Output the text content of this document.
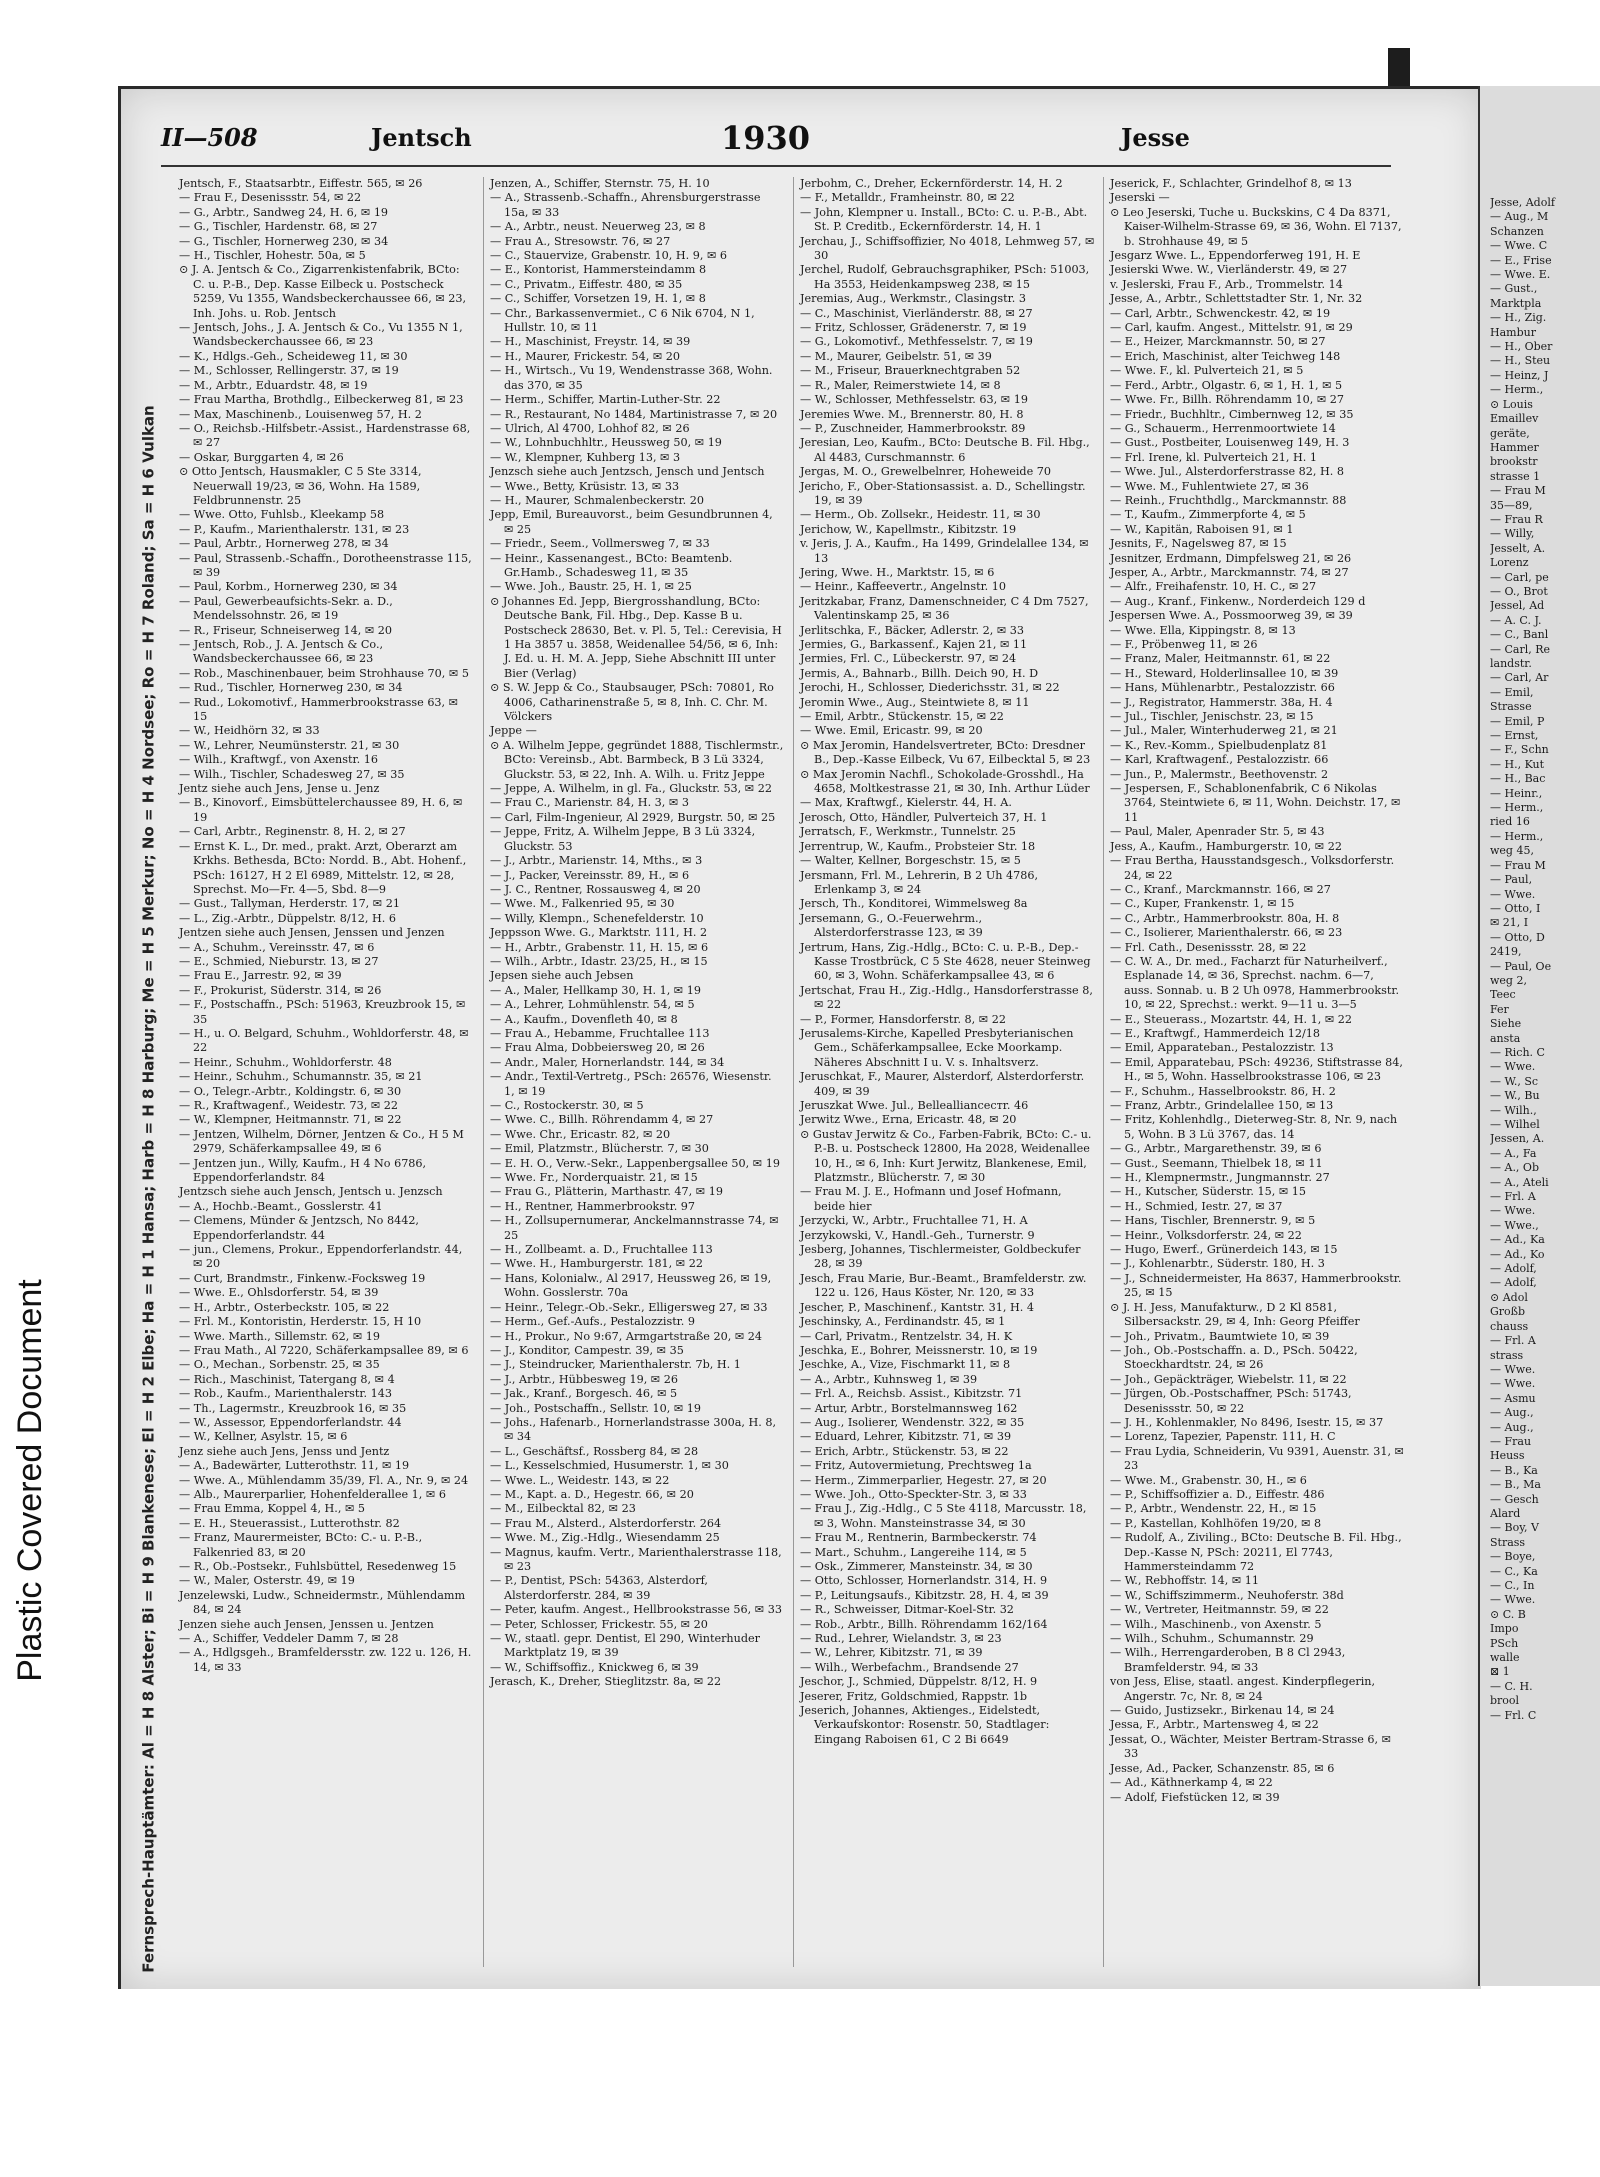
Plastic Covered Document
II—508	Jentsch	1930	Jesse
Fernsprech-Hauptämter: Al = H 8 Alster; Bi = H 9 Blankenese; El = H 2 Elbe; Ha = H 1 Hansa; Harb = H 8 Harburg; Me = H 5 Merkur; No = H 4 Nordsee; Ro = H 7 Roland; Sa = H 6 Vulkan
Jentsch, F., Staatsarbtr., Eiffestr. 565, ✉ 26
— Frau F., Desenissstr. 54, ✉ 22
— G., Arbtr., Sandweg 24, H. 6, ✉ 19
— G., Tischler, Hardenstr. 68, ✉ 27
— G., Tischler, Hornerweg 230, ✉ 34
— H., Tischler, Hohestr. 50a, ✉ 5
⊙ J. A. Jentsch & Co., Zigarrenkistenfabrik, BCto: C. u. P.-B., Dep. Kasse Eilbeck u. Postscheck 5259, Vu 1355, Wandsbeckerchaussee 66, ✉ 23, Inh. Johs. u. Rob. Jentsch
— Jentsch, Johs., J. A. Jentsch & Co., Vu 1355 N 1, Wandsbeckerchaussee 66, ✉ 23
— K., Hdlgs.-Geh., Scheideweg 11, ✉ 30
— M., Schlosser, Rellingerstr. 37, ✉ 19
— M., Arbtr., Eduardstr. 48, ✉ 19
— Frau Martha, Brothdlg., Eilbeckerweg 81, ✉ 23
— Max, Maschinenb., Louisenweg 57, H. 2
— O., Reichsb.-Hilfsbetr.-Assist., Hardenstrasse 68, ✉ 27
— Oskar, Burggarten 4, ✉ 26
⊙ Otto Jentsch, Hausmakler, C 5 Ste 3314, Neuerwall 19/23, ✉ 36, Wohn. Ha 1589, Feldbrunnenstr. 25
— Wwe. Otto, Fuhlsb., Kleekamp 58
— P., Kaufm., Marienthalerstr. 131, ✉ 23
— Paul, Arbtr., Hornerweg 278, ✉ 34
— Paul, Strassenb.-Schaffn., Dorotheenstrasse 115, ✉ 39
— Paul, Korbm., Hornerweg 230, ✉ 34
— Paul, Gewerbeaufsichts-Sekr. a. D., Mendelssohnstr. 26, ✉ 19
— R., Friseur, Schneiserweg 14, ✉ 20
— Jentsch, Rob., J. A. Jentsch & Co., Wandsbeckerchaussee 66, ✉ 23
— Rob., Maschinenbauer, beim Strohhause 70, ✉ 5
— Rud., Tischler, Hornerweg 230, ✉ 34
— Rud., Lokomotivf., Hammerbrookstrasse 63, ✉ 15
— W., Heidhörn 32, ✉ 33
— W., Lehrer, Neumünsterstr. 21, ✉ 30
— Wilh., Kraftwgf., von Axenstr. 16
— Wilh., Tischler, Schadesweg 27, ✉ 35
Jentz siehe auch Jens, Jense u. Jenz
— B., Kinovorf., Eimsbüttelerchaussee 89, H. 6, ✉ 19
— Carl, Arbtr., Reginenstr. 8, H. 2, ✉ 27
— Ernst K. L., Dr. med., prakt. Arzt, Oberarzt am Krkhs. Bethesda, BCto: Nordd. B., Abt. Hohenf., PSch: 16127, H 2 El 6989, Mittelstr. 12, ✉ 28, Sprechst. Mo—Fr. 4—5, Sbd. 8—9
— Gust., Tallyman, Herderstr. 17, ✉ 21
— L., Zig.-Arbtr., Düppelstr. 8/12, H. 6
Jentzen siehe auch Jensen, Jenssen und Jenzen
— A., Schuhm., Vereinsstr. 47, ✉ 6
— E., Schmied, Nieburstr. 13, ✉ 27
— Frau E., Jarrestr. 92, ✉ 39
— F., Prokurist, Süderstr. 314, ✉ 26
— F., Postschaffn., PSch: 51963, Kreuzbrook 15, ✉ 35
— H., u. O. Belgard, Schuhm., Wohldorferstr. 48, ✉ 22
— Heinr., Schuhm., Wohldorferstr. 48
— Heinr., Schuhm., Schumannstr. 35, ✉ 21
— O., Telegr.-Arbtr., Koldingstr. 6, ✉ 30
— R., Kraftwagenf., Weidestr. 73, ✉ 22
— W., Klempner, Heitmannstr. 71, ✉ 22
— Jentzen, Wilhelm, Dörner, Jentzen & Co., H 5 M 2979, Schäferkampsallee 49, ✉ 6
— Jentzen jun., Willy, Kaufm., H 4 No 6786, Eppendorferlandstr. 84
Jentzsch siehe auch Jensch, Jentsch u. Jenzsch
— A., Hochb.-Beamt., Gosslerstr. 41
— Clemens, Münder & Jentzsch, No 8442, Eppendorferlandstr. 44
— jun., Clemens, Prokur., Eppendorferlandstr. 44, ✉ 20
— Curt, Brandmstr., Finkenw.-Focksweg 19
— Wwe. E., Ohlsdorferstr. 54, ✉ 39
— H., Arbtr., Osterbeckstr. 105, ✉ 22
— Frl. M., Kontoristin, Herderstr. 15, H 10
— Wwe. Marth., Sillemstr. 62, ✉ 19
— Frau Math., Al 7220, Schäferkampsallee 89, ✉ 6
— O., Mechan., Sorbenstr. 25, ✉ 35
— Rich., Maschinist, Tatergang 8, ✉ 4
— Rob., Kaufm., Marienthalerstr. 143
— Th., Lagermstr., Kreuzbrook 16, ✉ 35
— W., Assessor, Eppendorferlandstr. 44
— W., Kellner, Asylstr. 15, ✉ 6
Jenz siehe auch Jens, Jenss und Jentz
— A., Badewärter, Lutterothstr. 11, ✉ 19
— Wwe. A., Mühlendamm 35/39, Fl. A., Nr. 9, ✉ 24
— Alb., Maurerparlier, Hohenfelderallee 1, ✉ 6
— Frau Emma, Koppel 4, H., ✉ 5
— E. H., Steuerassist., Lutterothstr. 82
— Franz, Maurermeister, BCto: C.- u. P.-B., Falkenried 83, ✉ 20
— R., Ob.-Postsekr., Fuhlsbüttel, Resedenweg 15
— W., Maler, Osterstr. 49, ✉ 19
Jenzelewski, Ludw., Schneidermstr., Mühlendamm 84, ✉ 24
Jenzen siehe auch Jensen, Jenssen u. Jentzen
— A., Schiffer, Veddeler Damm 7, ✉ 28
— A., Hdlgsgeh., Bramfeldersstr. zw. 122 u. 126, H. 14, ✉ 33
Jenzen, A., Schiffer, Sternstr. 75, H. 10
— A., Strassenb.-Schaffn., Ahrensburgerstrasse 15a, ✉ 33
— A., Arbtr., neust. Neuerweg 23, ✉ 8
— Frau A., Stresowstr. 76, ✉ 27
— C., Stauervize, Grabenstr. 10, H. 9, ✉ 6
— E., Kontorist, Hammersteindamm 8
— C., Privatm., Eiffestr. 480, ✉ 35
— C., Schiffer, Vorsetzen 19, H. 1, ✉ 8
— Chr., Barkassenvermiet., C 6 Nik 6704, N 1, Hullstr. 10, ✉ 11
— H., Maschinist, Freystr. 14, ✉ 39
— H., Maurer, Frickestr. 54, ✉ 20
— H., Wirtsch., Vu 19, Wendenstrasse 368, Wohn. das 370, ✉ 35
— Herm., Schiffer, Martin-Luther-Str. 22
— R., Restaurant, No 1484, Martinistrasse 7, ✉ 20
— Ulrich, Al 4700, Lohhof 82, ✉ 26
— W., Lohnbuchhltr., Heussweg 50, ✉ 19
— W., Klempner, Kuhberg 13, ✉ 3
Jenzsch siehe auch Jentzsch, Jensch und Jentsch
— Wwe., Betty, Krüsistr. 13, ✉ 33
— H., Maurer, Schmalenbeckerstr. 20
Jepp, Emil, Bureauvorst., beim Gesundbrunnen 4, ✉ 25
— Friedr., Seem., Vollmersweg 7, ✉ 33
— Heinr., Kassenangest., BCto: Beamtenb. Gr.Hamb., Schadesweg 11, ✉ 35
— Wwe. Joh., Baustr. 25, H. 1, ✉ 25
⊙ Johannes Ed. Jepp, Biergrosshandlung, BCto: Deutsche Bank, Fil. Hbg., Dep. Kasse B u. Postscheck 28630, Bet. v. Pl. 5, Tel.: Cerevisia, H 1 Ha 3857 u. 3858, Weidenallee 54/56, ✉ 6, Inh: J. Ed. u. H. M. A. Jepp, Siehe Abschnitt III unter Bier (Verlag)
⊙ S. W. Jepp & Co., Staubsauger, PSch: 70801, Ro 4006, Catharinenstraße 5, ✉ 8, Inh. C. Chr. M. Völckers
Jeppe —
⊙ A. Wilhelm Jeppe, gegründet 1888, Tischlermstr., BCto: Vereinsb., Abt. Barmbeck, B 3 Lü 3324, Gluckstr. 53, ✉ 22, Inh. A. Wilh. u. Fritz Jeppe
— Jeppe, A. Wilhelm, in gl. Fa., Gluckstr. 53, ✉ 22
— Frau C., Marienstr. 84, H. 3, ✉ 3
— Carl, Film-Ingenieur, Al 2929, Burgstr. 50, ✉ 25
— Jeppe, Fritz, A. Wilhelm Jeppe, B 3 Lü 3324, Gluckstr. 53
— J., Arbtr., Marienstr. 14, Mths., ✉ 3
— J., Packer, Vereinsstr. 89, H., ✉ 6
— J. C., Rentner, Rossausweg 4, ✉ 20
— Wwe. M., Falkenried 95, ✉ 30
— Willy, Klempn., Schenefelderstr. 10
Jeppsson Wwe. G., Marktstr. 111, H. 2
— H., Arbtr., Grabenstr. 11, H. 15, ✉ 6
— Wilh., Arbtr., Idastr. 23/25, H., ✉ 15
Jepsen siehe auch Jebsen
— A., Maler, Hellkamp 30, H. 1, ✉ 19
— A., Lehrer, Lohmühlenstr. 54, ✉ 5
— A., Kaufm., Dovenfleth 40, ✉ 8
— Frau A., Hebamme, Fruchtallee 113
— Frau Alma, Dobbeiersweg 20, ✉ 26
— Andr., Maler, Hornerlandstr. 144, ✉ 34
— Andr., Textil-Vertretg., PSch: 26576, Wiesenstr. 1, ✉ 19
— C., Rostockerstr. 30, ✉ 5
— Wwe. C., Billh. Röhrendamm 4, ✉ 27
— Wwe. Chr., Ericastr. 82, ✉ 20
— Emil, Platzmstr., Blücherstr. 7, ✉ 30
— E. H. O., Verw.-Sekr., Lappenbergsallee 50, ✉ 19
— Wwe. Fr., Norderquaistr. 21, ✉ 15
— Frau G., Plätterin, Marthastr. 47, ✉ 19
— H., Rentner, Hammerbrookstr. 97
— H., Zollsupernumerar, Anckelmannstrasse 74, ✉ 25
— H., Zollbeamt. a. D., Fruchtallee 113
— Wwe. H., Hamburgerstr. 181, ✉ 22
— Hans, Kolonialw., Al 2917, Heussweg 26, ✉ 19, Wohn. Gosslerstr. 70a
— Heinr., Telegr.-Ob.-Sekr., Elligersweg 27, ✉ 33
— Herm., Gef.-Aufs., Pestalozzistr. 9
— H., Prokur., No 9:67, Armgartstraße 20, ✉ 24
— J., Konditor, Campestr. 39, ✉ 35
— J., Steindrucker, Marienthalerstr. 7b, H. 1
— J., Arbtr., Hübbesweg 19, ✉ 26
— Jak., Kranf., Borgesch. 46, ✉ 5
— Joh., Postschaffn., Sellstr. 10, ✉ 19
— Johs., Hafenarb., Hornerlandstrasse 300a, H. 8, ✉ 34
— L., Geschäftsf., Rossberg 84, ✉ 28
— L., Kesselschmied, Husumerstr. 1, ✉ 30
— Wwe. L., Weidestr. 143, ✉ 22
— M., Kapt. a. D., Hegestr. 66, ✉ 20
— M., Eilbecktal 82, ✉ 23
— Frau M., Alsterd., Alsterdorferstr. 264
— Wwe. M., Zig.-Hdlg., Wiesendamm 25
— Magnus, kaufm. Vertr., Marienthalerstrasse 118, ✉ 23
— P., Dentist, PSch: 54363, Alsterdorf, Alsterdorferstr. 284, ✉ 39
— Peter, kaufm. Angest., Hellbrookstrasse 56, ✉ 33
— Peter, Schlosser, Frickestr. 55, ✉ 20
— W., staatl. gepr. Dentist, El 290, Winterhuder Marktplatz 19, ✉ 39
— W., Schiffsoffiz., Knickweg 6, ✉ 39
Jerasch, K., Dreher, Stieglitzstr. 8a, ✉ 22
Jerbohm, C., Dreher, Eckernförderstr. 14, H. 2
— F., Metalldr., Framheinstr. 80, ✉ 22
— John, Klempner u. Install., BCto: C. u. P.-B., Abt. St. P. Creditb., Eckernförderstr. 14, H. 1
Jerchau, J., Schiffsoffizier, No 4018, Lehmweg 57, ✉ 30
Jerchel, Rudolf, Gebrauchsgraphiker, PSch: 51003, Ha 3553, Heidenkampsweg 238, ✉ 15
Jeremias, Aug., Werkmstr., Clasingstr. 3
— C., Maschinist, Vierländerstr. 88, ✉ 27
— Fritz, Schlosser, Grädenerstr. 7, ✉ 19
— G., Lokomotivf., Methfesselstr. 7, ✉ 19
— M., Maurer, Geibelstr. 51, ✉ 39
— M., Friseur, Brauerknechtgraben 52
— R., Maler, Reimerstwiete 14, ✉ 8
— W., Schlosser, Methfesselstr. 63, ✉ 19
Jeremies Wwe. M., Brennerstr. 80, H. 8
— P., Zuschneider, Hammerbrookstr. 89
Jeresian, Leo, Kaufm., BCto: Deutsche B. Fil. Hbg., Al 4483, Curschmannstr. 6
Jergas, M. O., Grewelbelnrer, Hoheweide 70
Jericho, F., Ober-Stationsassist. a. D., Schellingstr. 19, ✉ 39
— Herm., Ob. Zollsekr., Heidestr. 11, ✉ 30
Jerichow, W., Kapellmstr., Kibitzstr. 19
v. Jeris, J. A., Kaufm., Ha 1499, Grindelallee 134, ✉ 13
Jering, Wwe. H., Marktstr. 15, ✉ 6
— Heinr., Kaffeevertr., Angelnstr. 10
Jeritzkabar, Franz, Damenschneider, C 4 Dm 7527, Valentinskamp 25, ✉ 36
Jerlitschka, F., Bäcker, Adlerstr. 2, ✉ 33
Jermies, G., Barkassenf., Kajen 21, ✉ 11
Jermies, Frl. C., Lübeckerstr. 97, ✉ 24
Jermis, A., Bahnarb., Billh. Deich 90, H. D
Jerochi, H., Schlosser, Diederichsstr. 31, ✉ 22
Jeromin Wwe., Aug., Steintwiete 8, ✉ 11
— Emil, Arbtr., Stückenstr. 15, ✉ 22
— Wwe. Emil, Ericastr. 99, ✉ 20
⊙ Max Jeromin, Handelsvertreter, BCto: Dresdner B., Dep.-Kasse Eilbeck, Vu 67, Eilbecktal 5, ✉ 23
⊙ Max Jeromin Nachfl., Schokolade-Grosshdl., Ha 4658, Moltkestrasse 21, ✉ 30, Inh. Arthur Lüder
— Max, Kraftwgf., Kielerstr. 44, H. A.
Jerosch, Otto, Händler, Pulverteich 37, H. 1
Jerratsch, F., Werkmstr., Tunnelstr. 25
Jerrentrup, W., Kaufm., Probsteier Str. 18
— Walter, Kellner, Borgeschstr. 15, ✉ 5
Jersmann, Frl. M., Lehrerin, B 2 Uh 4786, Erlenkamp 3, ✉ 24
Jersch, Th., Konditorei, Wimmelsweg 8a
Jersemann, G., O.-Feuerwehrm., Alsterdorferstrasse 123, ✉ 39
Jertrum, Hans, Zig.-Hdlg., BCto: C. u. P.-B., Dep.-Kasse Trostbrück, C 5 Ste 4628, neuer Steinweg 60, ✉ 3, Wohn. Schäferkampsallee 43, ✉ 6
Jertschat, Frau H., Zig.-Hdlg., Hansdorferstrasse 8, ✉ 22
— P., Former, Hansdorferstr. 8, ✉ 22
Jerusalems-Kirche, Kapelled Presbyterianischen Gem., Schäferkampsallee, Ecke Moorkamp. Näheres Abschnitt I u. V. s. Inhaltsverz.
Jeruschkat, F., Maurer, Alsterdorf, Alsterdorferstr. 409, ✉ 39
Jeruszkat Wwe. Jul., Belleallianceстr. 46
Jerwitz Wwe., Erna, Ericastr. 48, ✉ 20
⊙ Gustav Jerwitz & Co., Farben-Fabrik, BCto: C.- u. P.-B. u. Postscheck 12800, Ha 2028, Weidenallee 10, H., ✉ 6, Inh: Kurt Jerwitz, Blankenese, Emil, Platzmstr., Blücherstr. 7, ✉ 30
— Frau M. J. E., Hofmann und Josef Hofmann, beide hier
Jerzycki, W., Arbtr., Fruchtallee 71, H. A
Jerzykowski, V., Handl.-Geh., Turnerstr. 9
Jesberg, Johannes, Tischlermeister, Goldbeckufer 28, ✉ 39
Jesch, Frau Marie, Bur.-Beamt., Bramfelderstr. zw. 122 u. 126, Haus Köster, Nr. 120, ✉ 33
Jescher, P., Maschinenf., Kantstr. 31, H. 4
Jeschinsky, A., Ferdinandstr. 45, ✉ 1
— Carl, Privatm., Rentzelstr. 34, H. K
Jeschka, E., Bohrer, Meissnerstr. 10, ✉ 19
Jeschke, A., Vize, Fischmarkt 11, ✉ 8
— A., Arbtr., Kuhnsweg 1, ✉ 39
— Frl. A., Reichsb. Assist., Kibitzstr. 71
— Artur, Arbtr., Borstelmannsweg 162
— Aug., Isolierer, Wendenstr. 322, ✉ 35
— Eduard, Lehrer, Kibitzstr. 71, ✉ 39
— Erich, Arbtr., Stückenstr. 53, ✉ 22
— Fritz, Autovermietung, Prechtsweg 1a
— Herm., Zimmerparlier, Hegestr. 27, ✉ 20
— Wwe. Joh., Otto-Speckter-Str. 3, ✉ 33
— Frau J., Zig.-Hdlg., C 5 Ste 4118, Marcusstr. 18, ✉ 3, Wohn. Mansteinstrasse 34, ✉ 30
— Frau M., Rentnerin, Barmbeckerstr. 74
— Mart., Schuhm., Langereihe 114, ✉ 5
— Osk., Zimmerer, Mansteinstr. 34, ✉ 30
— Otto, Schlosser, Hornerlandstr. 314, H. 9
— P., Leitungsaufs., Kibitzstr. 28, H. 4, ✉ 39
— R., Schweisser, Ditmar-Koel-Str. 32
— Rob., Arbtr., Billh. Röhrendamm 162/164
— Rud., Lehrer, Wielandstr. 3, ✉ 23
— W., Lehrer, Kibitzstr. 71, ✉ 39
— Wilh., Werbefachm., Brandsende 27
Jeschor, J., Schmied, Düppelstr. 8/12, H. 9
Jeserer, Fritz, Goldschmied, Rappstr. 1b
Jeserich, Johannes, Aktienges., Eidelstedt, Verkaufskontor: Rosenstr. 50, Stadtlager: Eingang Raboisen 61, C 2 Bi 6649
Jeserick, F., Schlachter, Grindelhof 8, ✉ 13
Jeserski —
⊙ Leo Jeserski, Tuche u. Buckskins, C 4 Da 8371, Kaiser-Wilhelm-Strasse 69, ✉ 36, Wohn. El 7137, b. Strohhause 49, ✉ 5
Jesgarz Wwe. L., Eppendorferweg 191, H. E
Jesierski Wwe. W., Vierländerstr. 49, ✉ 27
v. Jeslerski, Frau F., Arb., Trommelstr. 14
Jesse, A., Arbtr., Schlettstadter Str. 1, Nr. 32
— Carl, Arbtr., Schwenckestr. 42, ✉ 19
— Carl, kaufm. Angest., Mittelstr. 91, ✉ 29
— E., Heizer, Marckmannstr. 50, ✉ 27
— Erich, Maschinist, alter Teichweg 148
— Wwe. F., kl. Pulverteich 21, ✉ 5
— Ferd., Arbtr., Olgastr. 6, ✉ 1, H. 1, ✉ 5
— Wwe. Fr., Billh. Röhrendamm 10, ✉ 27
— Friedr., Buchhltr., Cimbernweg 12, ✉ 35
— G., Schauerm., Herrenmoortwiete 14
— Gust., Postbeiter, Louisenweg 149, H. 3
— Frl. Irene, kl. Pulverteich 21, H. 1
— Wwe. Jul., Alsterdorferstrasse 82, H. 8
— Wwe. M., Fuhlentwiete 27, ✉ 36
— Reinh., Fruchthdlg., Marckmannstr. 88
— T., Kaufm., Zimmerpforte 4, ✉ 5
— W., Kapitän, Raboisen 91, ✉ 1
Jesnits, F., Nagelsweg 87, ✉ 15
Jesnitzer, Erdmann, Dimpfelsweg 21, ✉ 26
Jesper, A., Arbtr., Marckmannstr. 74, ✉ 27
— Alfr., Freihafenstr. 10, H. C., ✉ 27
— Aug., Kranf., Finkenw., Norderdeich 129 d
Jespersen Wwe. A., Possmoorweg 39, ✉ 39
— Wwe. Ella, Kippingstr. 8, ✉ 13
— F., Pröbenweg 11, ✉ 26
— Franz, Maler, Heitmannstr. 61, ✉ 22
— H., Steward, Holderlinsallee 10, ✉ 39
— Hans, Mühlenarbtr., Pestalozzistr. 66
— J., Registrator, Hammerstr. 38a, H. 4
— Jul., Tischler, Jenischstr. 23, ✉ 15
— Jul., Maler, Winterhuderweg 21, ✉ 21
— K., Rev.-Komm., Spielbudenplatz 81
— Karl, Kraftwagenf., Pestalozzistr. 66
— Jun., P., Malermstr., Beethovenstr. 2
— Jespersen, F., Schablonenfabrik, C 6 Nikolas 3764, Steintwiete 6, ✉ 11, Wohn. Deichstr. 17, ✉ 11
— Paul, Maler, Apenrader Str. 5, ✉ 43
Jess, A., Kaufm., Hamburgerstr. 10, ✉ 22
— Frau Bertha, Hausstandsgesch., Volksdorferstr. 24, ✉ 22
— C., Kranf., Marckmannstr. 166, ✉ 27
— C., Kuper, Frankenstr. 1, ✉ 15
— C., Arbtr., Hammerbrookstr. 80a, H. 8
— C., Isolierer, Marienthalerstr. 66, ✉ 23
— Frl. Cath., Desenissstr. 28, ✉ 22
— C. W. A., Dr. med., Facharzt für Naturheilverf., Esplanade 14, ✉ 36, Sprechst. nachm. 6—7, auss. Sonnab. u. B 2 Uh 0978, Hammerbrookstr. 10, ✉ 22, Sprechst.: werkt. 9—11 u. 3—5
— E., Steuerass., Mozartstr. 44, H. 1, ✉ 22
— E., Kraftwgf., Hammerdeich 12/18
— Emil, Apparateban., Pestalozzistr. 13
— Emil, Apparatebau, PSch: 49236, Stiftstrasse 84, H., ✉ 5, Wohn. Hasselbrookstrasse 106, ✉ 23
— F., Schuhm., Hasselbrookstr. 86, H. 2
— Franz, Arbtr., Grindelallee 150, ✉ 13
— Fritz, Kohlenhdlg., Dieterweg-Str. 8, Nr. 9, nach 5, Wohn. B 3 Lü 3767, das. 14
— G., Arbtr., Margarethenstr. 39, ✉ 6
— Gust., Seemann, Thielbek 18, ✉ 11
— H., Klempnermstr., Jungmannstr. 27
— H., Kutscher, Süderstr. 15, ✉ 15
— H., Schmied, Iestr. 27, ✉ 37
— Hans, Tischler, Brennerstr. 9, ✉ 5
— Heinr., Volksdorferstr. 24, ✉ 22
— Hugo, Ewerf., Grünerdeich 143, ✉ 15
— J., Kohlenarbtr., Süderstr. 180, H. 3
— J., Schneidermeister, Ha 8637, Hammerbrookstr. 25, ✉ 15
⊙ J. H. Jess, Manufakturw., D 2 Kl 8581, Silbersackstr. 29, ✉ 4, Inh: Georg Pfeiffer
— Joh., Privatm., Baumtwiete 10, ✉ 39
— Joh., Ob.-Postschaffn. a. D., PSch. 50422, Stoeckhardtstr. 24, ✉ 26
— Joh., Gepäckträger, Wiebelstr. 11, ✉ 22
— Jürgen, Ob.-Postschaffner, PSch: 51743, Desenissstr. 50, ✉ 22
— J. H., Kohlenmakler, No 8496, Isestr. 15, ✉ 37
— Lorenz, Tapezier, Papenstr. 111, H. C
— Frau Lydia, Schneiderin, Vu 9391, Auenstr. 31, ✉ 23
— Wwe. M., Grabenstr. 30, H., ✉ 6
— P., Schiffsoffizier a. D., Eiffestr. 486
— P., Arbtr., Wendenstr. 22, H., ✉ 15
— P., Kastellan, Kohlhöfen 19/20, ✉ 8
— Rudolf, A., Ziviling., BCto: Deutsche B. Fil. Hbg., Dep.-Kasse N, PSch: 20211, El 7743, Hammersteindamm 72
— W., Rebhoffstr. 14, ✉ 11
— W., Schiffszimmerm., Neuhoferstr. 38d
— W., Vertreter, Heitmannstr. 59, ✉ 22
— Wilh., Maschinenb., von Axenstr. 5
— Wilh., Schuhm., Schumannstr. 29
— Wilh., Herrengarderoben, B 8 Cl 2943, Bramfelderstr. 94, ✉ 33
von Jess, Elise, staatl. angest. Kinderpflegerin, Angerstr. 7c, Nr. 8, ✉ 24
— Guido, Justizsekr., Birkenau 14, ✉ 24
Jessa, F., Arbtr., Martensweg 4, ✉ 22
Jessat, O., Wächter, Meister Bertram-Strasse 6, ✉ 33
Jesse, Ad., Packer, Schanzenstr. 85, ✉ 6
— Ad., Käthnerkamp 4, ✉ 22
— Adolf, Fiefstücken 12, ✉ 39
Jesse, Adolf
— Aug., M
Schanzen
— Wwe. C
— E., Frise
— Wwe. E.
— Gust.,
Marktpla
— H., Zig.
Hambur
— H., Ober
— H., Steu
— Heinz, J
— Herm.,
⊙ Louis
Emaillev
geräte,
Hammer
brookstr
strasse 1
— Frau M
35—89,
— Frau R
— Willy,
Jesselt, A.
Lorenz
— Carl, pe
— O., Brot
Jessel, Ad
— A. C. J.
— C., Banl
— Carl, Re
landstr.
— Carl, Ar
— Emil,
Strasse
— Emil, P
— Ernst,
— F., Schn
— H., Kut
— H., Bac
— Heinr.,
— Herm.,
ried 16
— Herm.,
weg 45,
— Frau M
— Paul,
— Wwe.
— Otto, I
✉ 21, I
— Otto, D
2419,
— Paul, Oe
weg 2,
Teec
Fer
Siehe
anstа
— Rich. C
— Wwe.
— W., Sc
— W., Bu
— Wilh.,
— Wilhel
Jessen, A.
— A., Fa
— A., Ob
— A., Ateli
— Frl. A
— Wwe.
— Wwe.,
— Ad., Ka
— Ad., Ko
— Adolf,
— Adolf,
⊙ Adol
Großb
chauss
— Frl. A
strass
— Wwe.
— Wwe.
— Asmu
— Aug.,
— Aug.,
— Frau
Heuss
— B., Ka
— B., Ma
— Gesch
Alard
— Boy, V
Strass
— Boye,
— C., Ka
— C., In
— Wwe.
⊙ C. B
Impo
PSch
walle
⊠ 1
— C. H.
brool
— Frl. C
